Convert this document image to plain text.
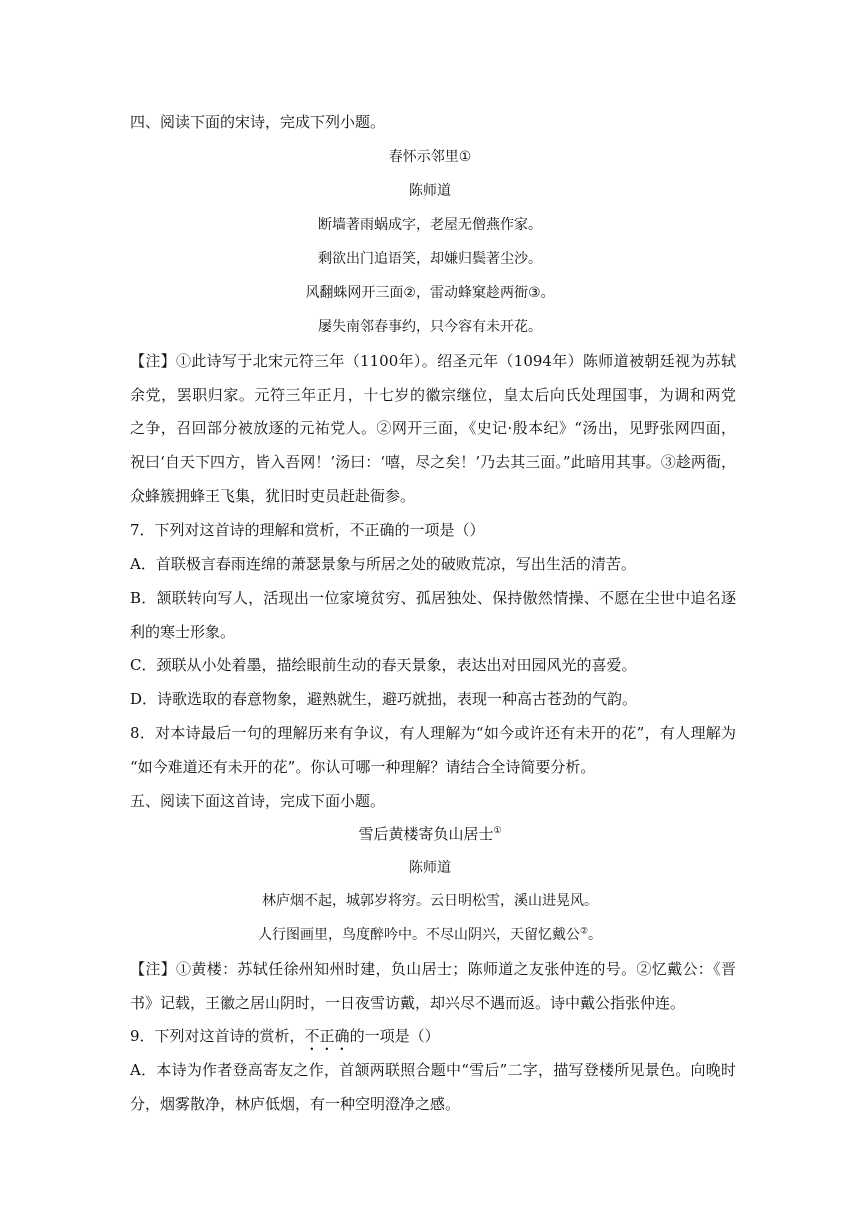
四、阅读下面的宋诗，完成下列小题。
春怀示邻里①
陈师道
断墙著雨蜗成字，老屋无僧燕作家。
剩欲出门追语笑，却嫌归鬓著尘沙。
风翻蛛网开三面②，雷动蜂窠趁两衙③。
屡失南邻春事约，只今容有未开花。
【注】①此诗写于北宋元符三年（1100年）。绍圣元年（1094年）陈师道被朝廷视为苏轼
余党，罢职归家。元符三年正月，十七岁的徽宗继位，皇太后向氏处理国事，为调和两党
之争，召回部分被放逐的元祐党人。②网开三面，《史记·殷本纪》“汤出，见野张网四面，
祝曰‘自天下四方，皆入吾网！’汤曰：‘嘻，尽之矣！’乃去其三面。”此暗用其事。③趁两衙，
众蜂簇拥蜂王飞集，犹旧时吏员赶赴衙参。
7．下列对这首诗的理解和赏析，不正确的一项是（）
A．首联极言春雨连绵的萧瑟景象与所居之处的破败荒凉，写出生活的清苦。
B．颔联转向写人，活现出一位家境贫穷、孤居独处、保持傲然情操、不愿在尘世中追名逐
利的寒士形象。
C．颈联从小处着墨，描绘眼前生动的春天景象，表达出对田园风光的喜爱。
D．诗歌选取的春意物象，避熟就生，避巧就拙，表现一种高古苍劲的气韵。
8．对本诗最后一句的理解历来有争议，有人理解为“如今或许还有未开的花”，有人理解为
“如今难道还有未开的花”。你认可哪一种理解？请结合全诗简要分析。
五、阅读下面这首诗，完成下面小题。
雪后黄楼寄负山居士①
陈师道
林庐烟不起，城郭岁将穷。云日明松雪，溪山进晃风。
人行图画里，鸟度醉吟中。不尽山阴兴，天留忆戴公②。
【注】①黄楼：苏轼任徐州知州时建，负山居士；陈师道之友张仲连的号。②忆戴公：《晋
书》记载，王徽之居山阴时，一日夜雪访戴，却兴尽不遇而返。诗中戴公指张仲连。
9．下列对这首诗的赏析，不正确的一项是（）
A．本诗为作者登高寄友之作，首颔两联照合题中“雪后”二字，描写登楼所见景色。向晚时
分，烟雾散净，林庐低烟，有一种空明澄净之感。
